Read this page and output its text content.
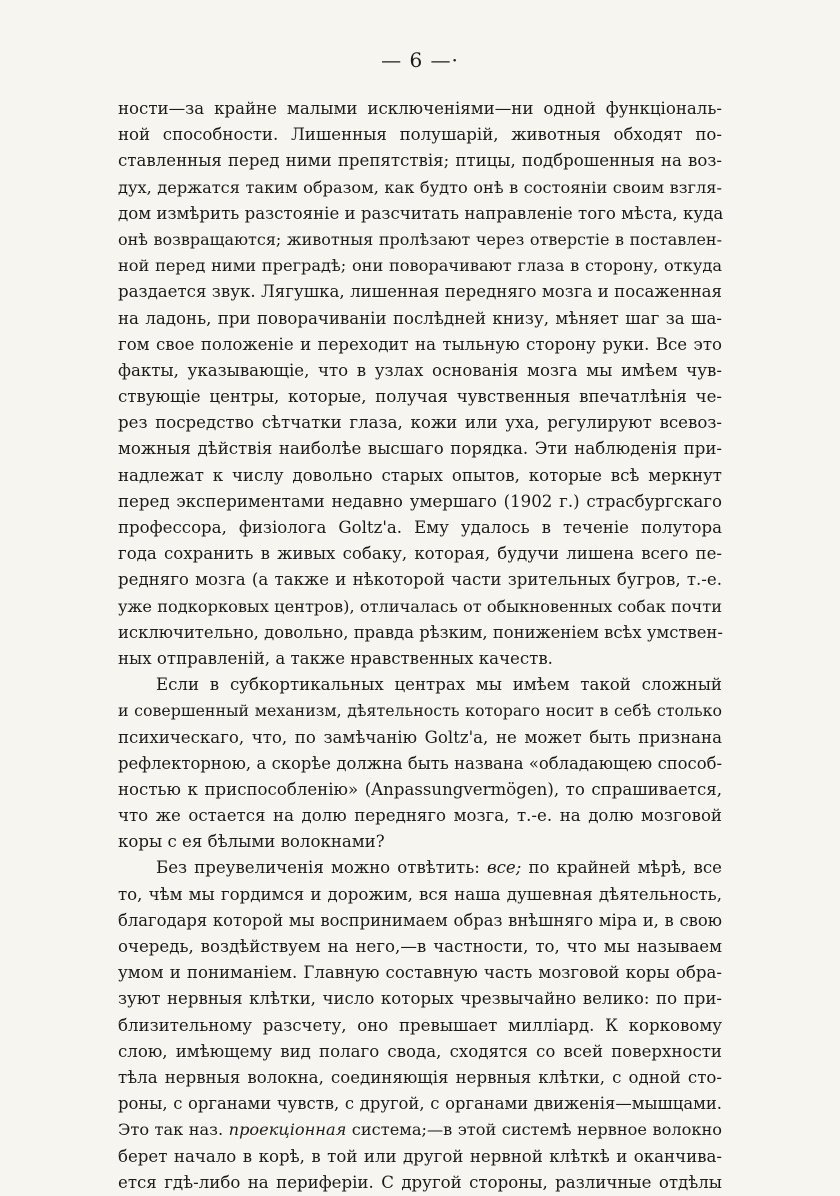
— 6 —·
ности—за крайне малыми исключеніями—ни одной функціональ-
ной способности. Лишенныя полушарій, животныя обходят по-
ставленныя перед ними препятствія; птицы, подброшенныя на воз-
дух, держатся таким образом, как будто онѣ в состояніи своим взгля-
дом измѣрить разстояніе и разсчитать направленіе того мѣста, куда
онѣ возвращаются; животныя пролѣзают через отверстіе в поставлен-
ной перед ними преградѣ; они поворачивают глаза в сторону, откуда
раздается звук. Лягушка, лишенная передняго мозга и посаженная
на ладонь, при поворачиваніи послѣдней книзу, мѣняет шаг за ша-
гом свое положеніе и переходит на тыльную сторону руки. Все это
факты, указывающіе, что в узлах основанія мозга мы имѣем чув-
ствующіе центры, которые, получая чувственныя впечатлѣнія че-
рез посредство сѣтчатки глаза, кожи или уха, регулируют всевоз-
можныя дѣйствія наиболѣе высшаго порядка. Эти наблюденія при-
надлежат к числу довольно старых опытов, которые всѣ меркнут
перед экспериментами недавно умершаго (1902 г.) страсбургскаго
профессора, физіолога Goltz'a. Ему удалось в теченіе полутора
года сохранить в живых собаку, которая, будучи лишена всего пе-
редняго мозга (а также и нѣкоторой части зрительных бугров, т.-е.
уже подкорковых центров), отличалась от обыкновенных собак почти
исключительно, довольно, правда рѣзким, пониженіем всѣх умствен-
ных отправленій, а также нравственных качеств.
Если в субкортикальных центрах мы имѣем такой сложный
и совершенный механизм, дѣятельность котораго носит в себѣ столько
психическаго, что, по замѣчанію Goltz'a, не может быть признана
рефлекторною, а скорѣе должна быть названа «обладающею способ-
ностью к приспособленію» (Anpassungvermögen), то спрашивается,
что же остается на долю передняго мозга, т.-е. на долю мозговой
коры с ея бѣлыми волокнами?
Без преувеличенія можно отвѣтить: все; по крайней мѣрѣ, все
то, чѣм мы гордимся и дорожим, вся наша душевная дѣятельность,
благодаря которой мы воспринимаем образ внѣшняго міра и, в свою
очередь, воздѣйствуем на него,—в частности, то, что мы называем
умом и пониманіем. Главную составную часть мозговой коры обра-
зуют нервныя клѣтки, число которых чрезвычайно велико: по при-
близительному разсчету, оно превышает милліард. К корковому
слою, имѣющему вид полаго свода, сходятся со всей поверхности
тѣла нервныя волокна, соединяющія нервныя клѣтки, с одной сто-
роны, с органами чувств, с другой, с органами движенія—мышцами.
Это так наз. проекціонная система;—в этой системѣ нервное волокно
берет начало в корѣ, в той или другой нервной клѣткѣ и оканчива-
ется гдѣ-либо на периферіи. С другой стороны, различные отдѣлы
